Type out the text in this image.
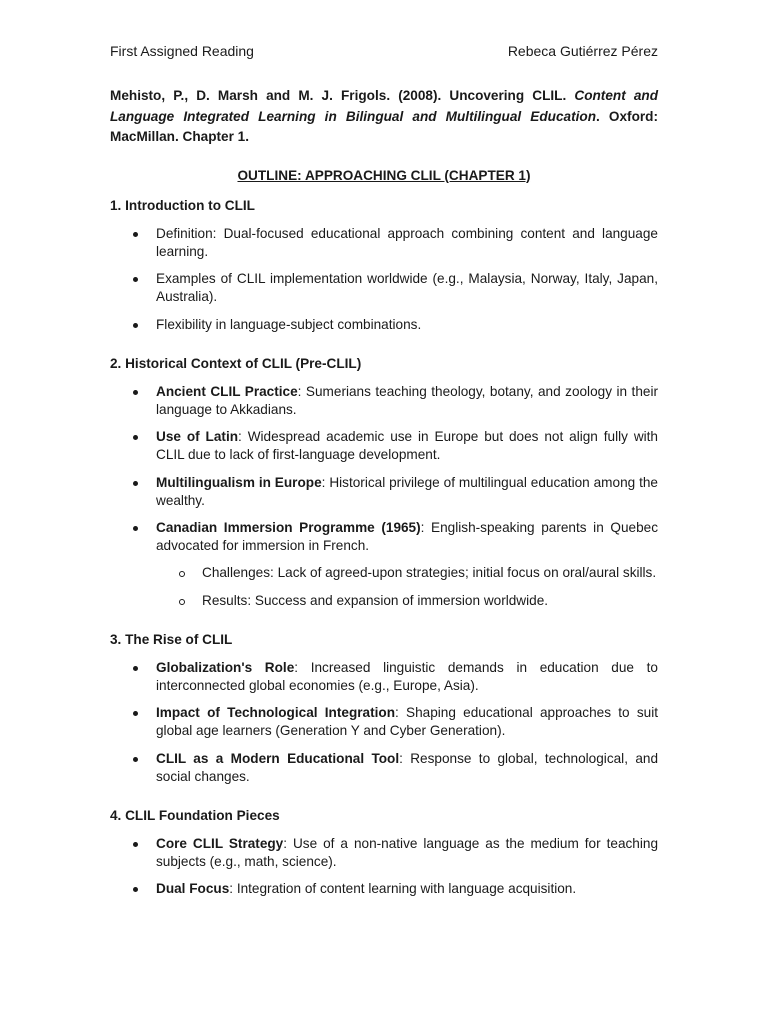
First Assigned Reading	Rebeca Gutiérrez Pérez
Mehisto, P., D. Marsh and M. J. Frigols. (2008). Uncovering CLIL. Content and Language Integrated Learning in Bilingual and Multilingual Education. Oxford: MacMillan. Chapter 1.
OUTLINE: APPROACHING CLIL (CHAPTER 1)
1. Introduction to CLIL
Definition: Dual-focused educational approach combining content and language learning.
Examples of CLIL implementation worldwide (e.g., Malaysia, Norway, Italy, Japan, Australia).
Flexibility in language-subject combinations.
2. Historical Context of CLIL (Pre-CLIL)
Ancient CLIL Practice: Sumerians teaching theology, botany, and zoology in their language to Akkadians.
Use of Latin: Widespread academic use in Europe but does not align fully with CLIL due to lack of first-language development.
Multilingualism in Europe: Historical privilege of multilingual education among the wealthy.
Canadian Immersion Programme (1965): English-speaking parents in Quebec advocated for immersion in French.
Challenges: Lack of agreed-upon strategies; initial focus on oral/aural skills.
Results: Success and expansion of immersion worldwide.
3. The Rise of CLIL
Globalization's Role: Increased linguistic demands in education due to interconnected global economies (e.g., Europe, Asia).
Impact of Technological Integration: Shaping educational approaches to suit global age learners (Generation Y and Cyber Generation).
CLIL as a Modern Educational Tool: Response to global, technological, and social changes.
4. CLIL Foundation Pieces
Core CLIL Strategy: Use of a non-native language as the medium for teaching subjects (e.g., math, science).
Dual Focus: Integration of content learning with language acquisition.
